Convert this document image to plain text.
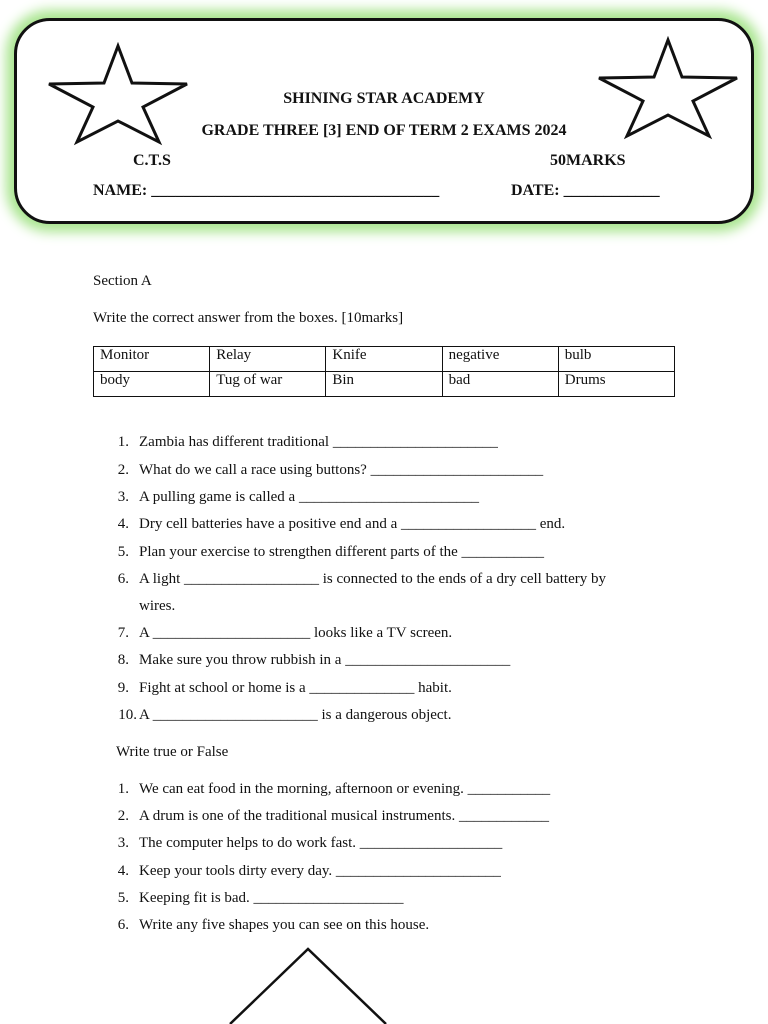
SHINING STAR ACADEMY
GRADE THREE [3] END OF TERM 2 EXAMS 2024
C.T.S	50MARKS
NAME: ____________________________________	DATE: ____________
Section A
Write the correct answer from the boxes. [10marks]
Monitor	Relay	Knife	negative	bulb
body	Tug of war	Bin	bad	Drums
1. Zambia has different traditional ______________________
2. What do we call a race using buttons? _______________________
3. A pulling game is called a ________________________
4. Dry cell batteries have a positive end and a __________________ end.
5. Plan your exercise to strengthen different parts of the ___________
6. A light __________________ is connected to the ends of a dry cell battery by
wires.
7. A _____________________ looks like a TV screen.
8. Make sure you throw rubbish in a ______________________
9. Fight at school or home is a ______________ habit.
10. A ______________________ is a dangerous object.
Write true or False
1. We can eat food in the morning, afternoon or evening. ___________
2. A drum is one of the traditional musical instruments. ____________
3. The computer helps to do work fast. ___________________
4. Keep your tools dirty every day. ______________________
5. Keeping fit is bad. ____________________
6. Write any five shapes you can see on this house.
